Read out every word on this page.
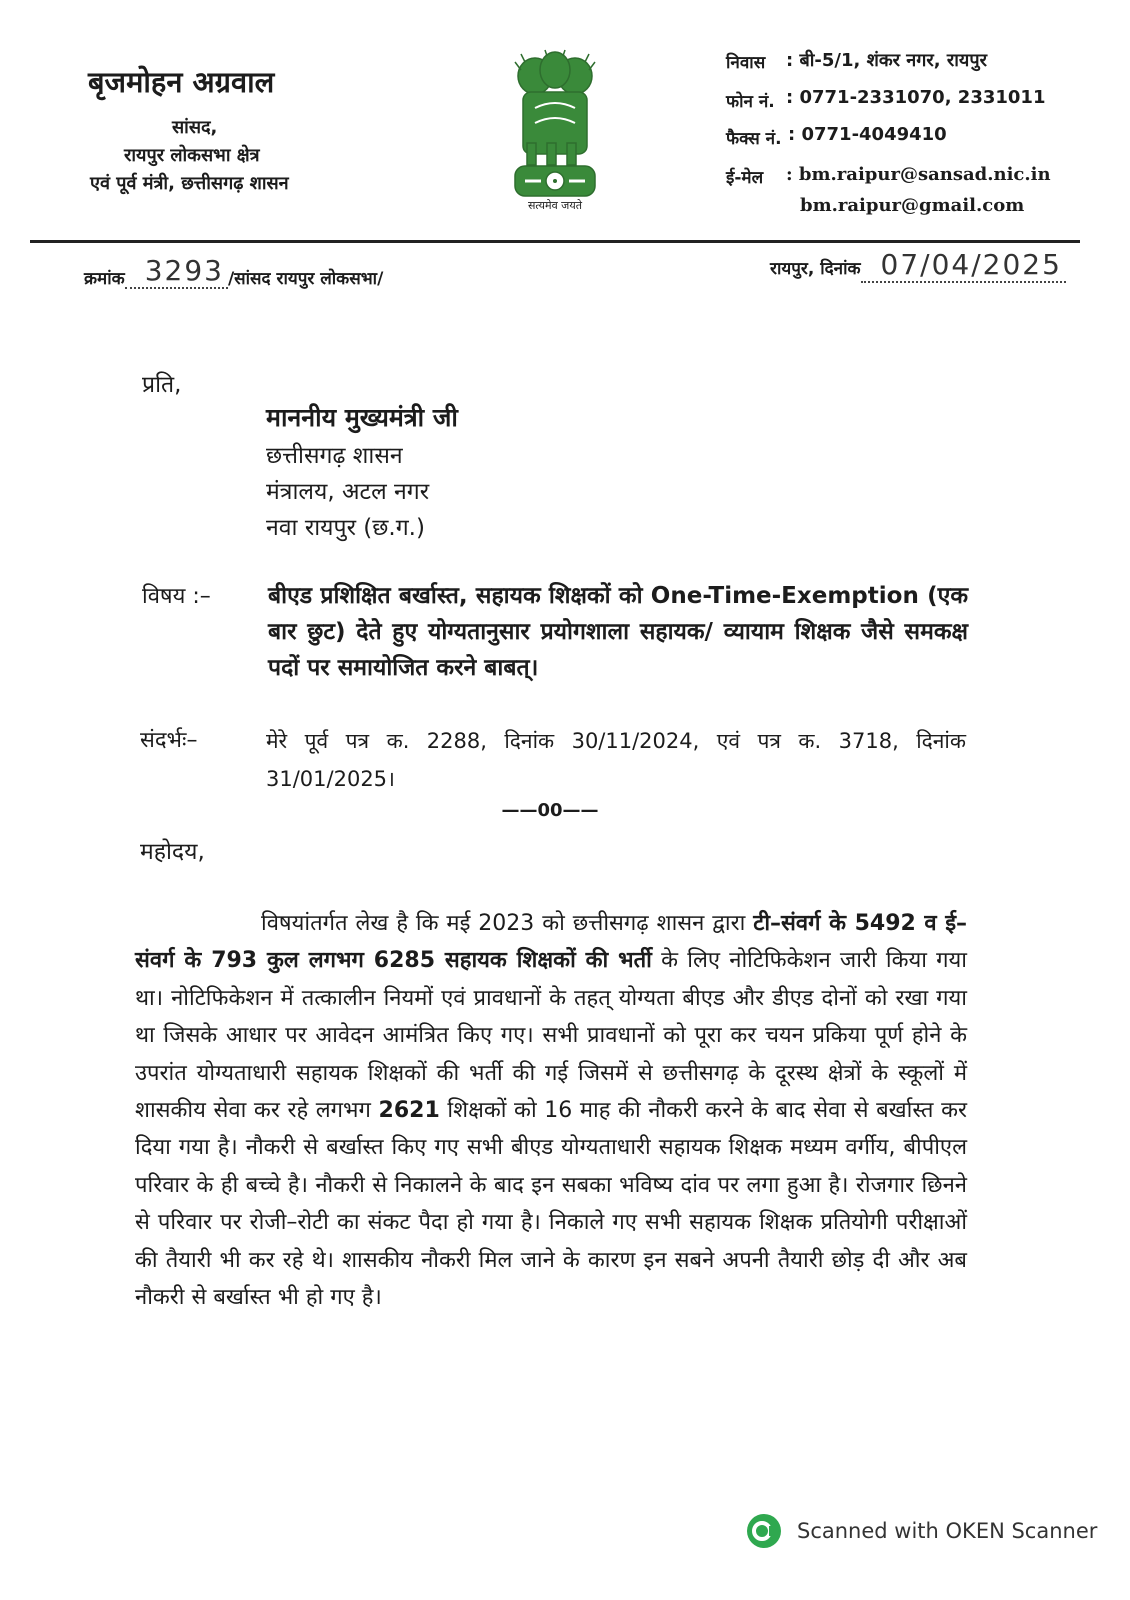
बृजमोहन अग्रवाल
सांसद,
रायपुर लोकसभा क्षेत्र
एवं पूर्व मंत्री, छत्तीसगढ़ शासन
सत्यमेव जयते
निवास : बी-5/1, शंकर नगर, रायपुर
फोन नं. : 0771-2331070, 2331011
फैक्स नं. : 0771-4049410
ई-मेल : bm.raipur@sansad.nic.in
bm.raipur@gmail.com
क्रमांक 3293 /सांसद रायपुर लोकसभा/	रायपुर, दिनांक 07/04/2025
प्रति,
माननीय मुख्यमंत्री जी
छत्तीसगढ़ शासन
मंत्रालय, अटल नगर
नवा रायपुर (छ.ग.)
विषय :– बीएड प्रशिक्षित बर्खास्त, सहायक शिक्षकों को One-Time-Exemption (एक बार छुट) देते हुए योग्यतानुसार प्रयोगशाला सहायक/ व्यायाम शिक्षक जैसे समकक्ष पदों पर समायोजित करने बाबत्।
संदर्भः–	मेरे पूर्व पत्र क. 2288, दिनांक 30/11/2024, एवं पत्र क. 3718, दिनांक 31/01/2025।
——00——
महोदय,
विषयांतर्गत लेख है कि मई 2023 को छत्तीसगढ़ शासन द्वारा टी–संवर्ग के 5492 व ई–संवर्ग के 793 कुल लगभग 6285 सहायक शिक्षकों की भर्ती के लिए नोटिफिकेशन जारी किया गया था। नोटिफिकेशन में तत्कालीन नियमों एवं प्रावधानों के तहत् योग्यता बीएड और डीएड दोनों को रखा गया था जिसके आधार पर आवेदन आमंत्रित किए गए। सभी प्रावधानों को पूरा कर चयन प्रकिया पूर्ण होने के उपरांत योग्यताधारी सहायक शिक्षकों की भर्ती की गई जिसमें से छत्तीसगढ़ के दूरस्थ क्षेत्रों के स्कूलों में शासकीय सेवा कर रहे लगभग 2621 शिक्षकों को 16 माह की नौकरी करने के बाद सेवा से बर्खास्त कर दिया गया है। नौकरी से बर्खास्त किए गए सभी बीएड योग्यताधारी सहायक शिक्षक मध्यम वर्गीय, बीपीएल परिवार के ही बच्चे है। नौकरी से निकालने के बाद इन सबका भविष्य दांव पर लगा हुआ है। रोजगार छिनने से परिवार पर रोजी–रोटी का संकट पैदा हो गया है। निकाले गए सभी सहायक शिक्षक प्रतियोगी परीक्षाओं की तैयारी भी कर रहे थे। शासकीय नौकरी मिल जाने के कारण इन सबने अपनी तैयारी छोड़ दी और अब नौकरी से बर्खास्त भी हो गए है।
Scanned with OKEN Scanner
